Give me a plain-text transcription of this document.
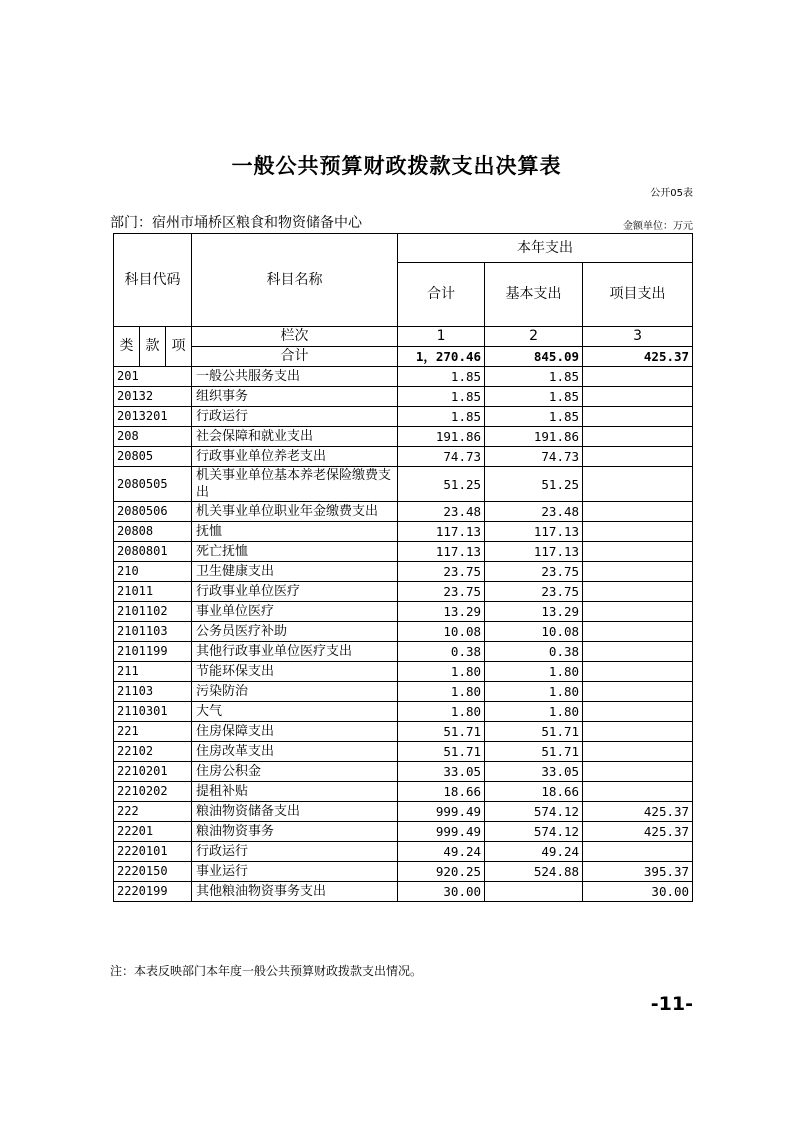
一般公共预算财政拨款支出决算表
公开05表
部门：宿州市埇桥区粮食和物资储备中心	金额单位：万元
科目代码			科目名称	本年支出		
				合计	基本支出	项目支出
类	款	项	栏次	1	2	3
			合计	1，270.46	845.09	425.37
201			一般公共服务支出	1.85	1.85	
20132			组织事务	1.85	1.85	
2013201			行政运行	1.85	1.85	
208			社会保障和就业支出	191.86	191.86	
20805			行政事业单位养老支出	74.73	74.73	
2080505			机关事业单位基本养老保险缴费支出	51.25	51.25	
2080506			机关事业单位职业年金缴费支出	23.48	23.48	
20808			抚恤	117.13	117.13	
2080801			死亡抚恤	117.13	117.13	
210			卫生健康支出	23.75	23.75	
21011			行政事业单位医疗	23.75	23.75	
2101102			事业单位医疗	13.29	13.29	
2101103			公务员医疗补助	10.08	10.08	
2101199			其他行政事业单位医疗支出	0.38	0.38	
211			节能环保支出	1.80	1.80	
21103			污染防治	1.80	1.80	
2110301			大气	1.80	1.80	
221			住房保障支出	51.71	51.71	
22102			住房改革支出	51.71	51.71	
2210201			住房公积金	33.05	33.05	
2210202			提租补贴	18.66	18.66	
222			粮油物资储备支出	999.49	574.12	425.37
22201			粮油物资事务	999.49	574.12	425.37
2220101			行政运行	49.24	49.24	
2220150			事业运行	920.25	524.88	395.37
2220199			其他粮油物资事务支出	30.00		30.00
注：本表反映部门本年度一般公共预算财政拨款支出情况。
-11-
